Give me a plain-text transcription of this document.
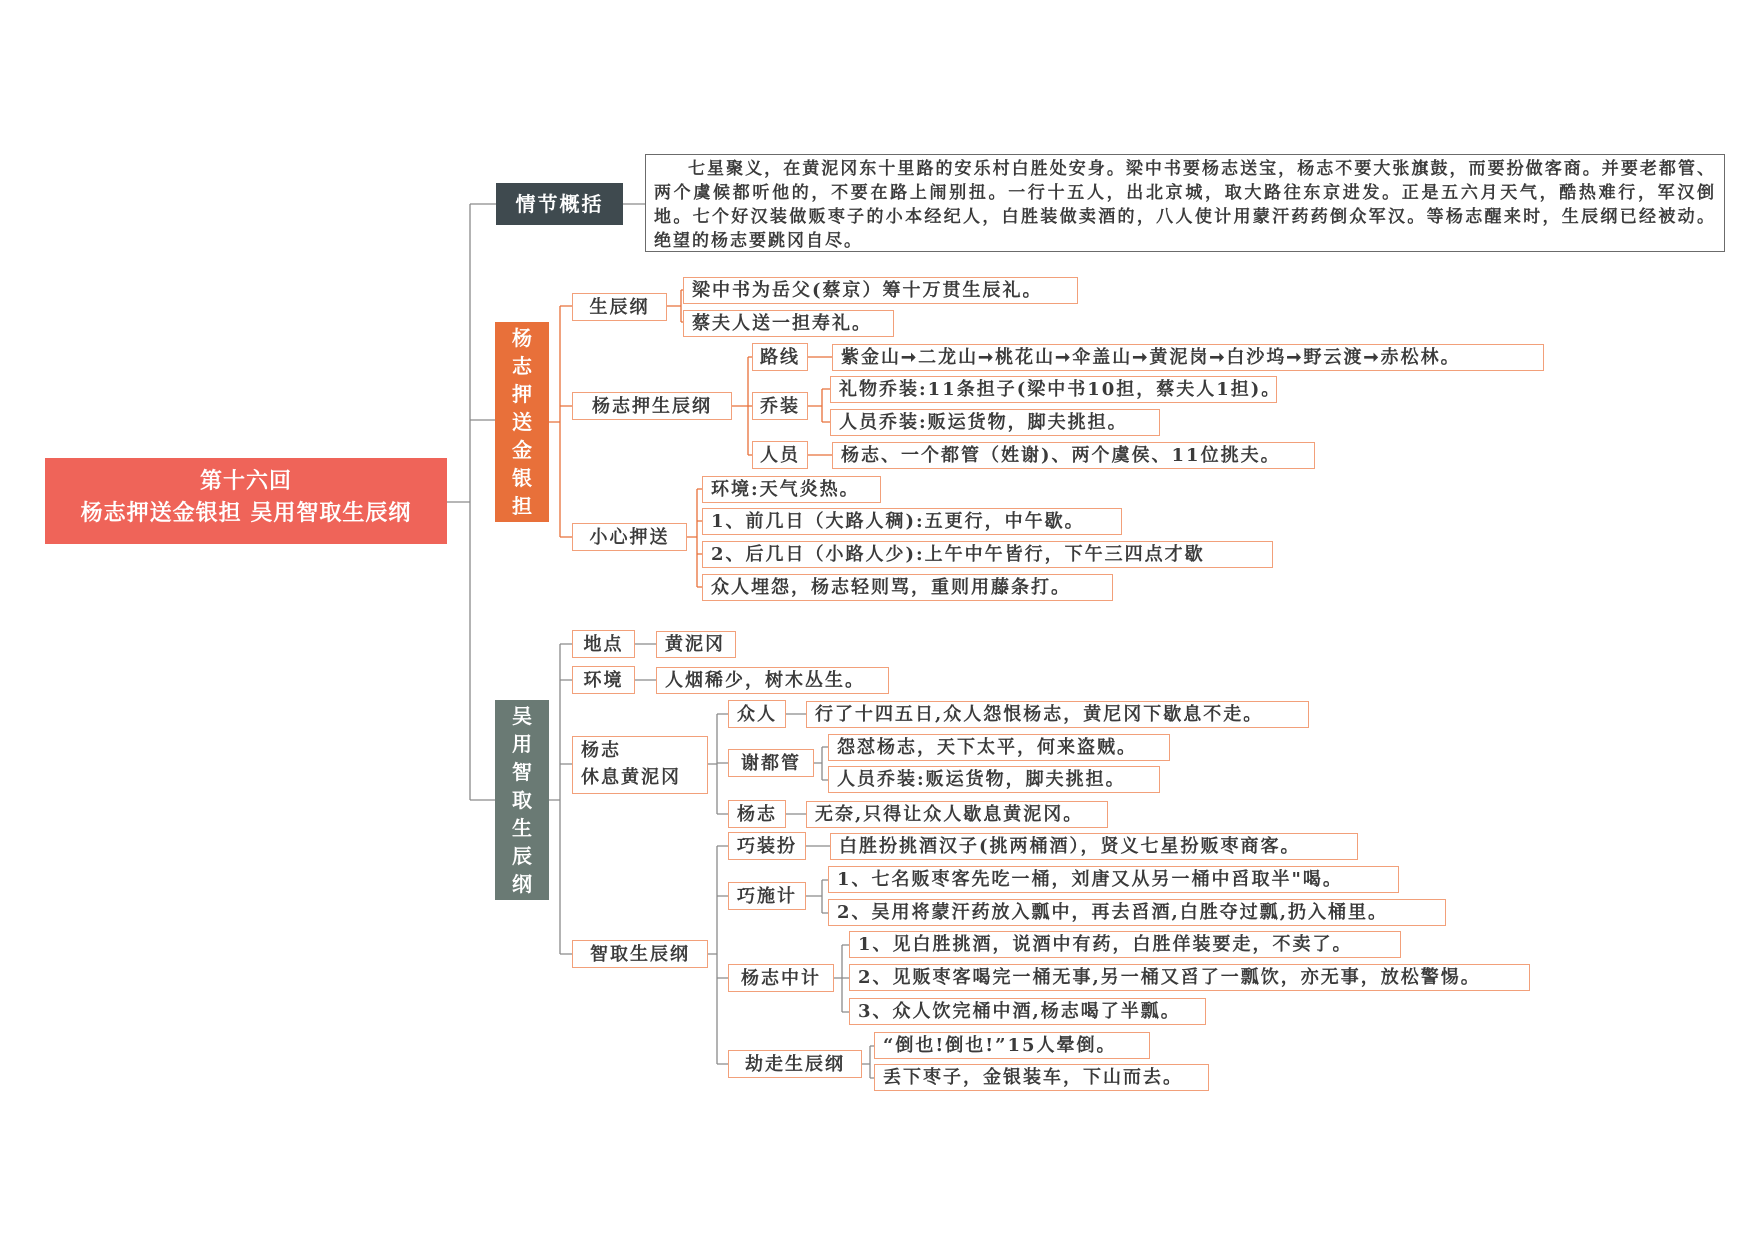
第十六回
杨志押送金银担 吴用智取生辰纲
情节概括
七星聚义，在黄泥冈东十里路的安乐村白胜处安身。梁中书要杨志送宝，杨志不要大张旗鼓，而要扮做客商。并要老都管、两个虞候都听他的，不要在路上闹别扭。一行十五人，出北京城，取大路往东京进发。正是五六月天气，酷热难行，军汉倒地。七个好汉装做贩枣子的小本经纪人，白胜装做卖酒的，八人使计用蒙汗药药倒众军汉。等杨志醒来时，生辰纲已经被动。绝望的杨志要跳冈自尽。
杨
志
押
送
金
银
担
生辰纲
梁中书为岳父(蔡京）筹十万贯生辰礼。
蔡夫人送一担寿礼。
杨志押生辰纲
路线	紫金山➞二龙山➞桃花山➞伞盖山➞黄泥岗➞白沙坞➞野云渡➞赤松林。
乔装
礼物乔装:11条担子(梁中书10担，蔡夫人1担)。
人员乔装:贩运货物，脚夫挑担。
人员	杨志、一个都管（姓谢)、两个虞侯、11位挑夫。
小心押送
环境:天气炎热。
1、前几日（大路人稠):五更行，中午歇。
2、后几日（小路人少):上午中午皆行，下午三四点才歇
众人埋怨，杨志轻则骂，重则用藤条打。
吴
用
智
取
生
辰
纲
地点	黄泥冈
环境	人烟稀少，树木丛生。
杨志
休息黄泥冈
众人	行了十四五日,众人怨恨杨志，黄尼冈下歇息不走。
谢都管
怨怼杨志，天下太平，何来盗贼。
人员乔装:贩运货物，脚夫挑担。
杨志	无奈,只得让众人歇息黄泥冈。
智取生辰纲
巧装扮	白胜扮挑酒汉子(挑两桶酒），贤义七星扮贩枣商客。
巧施计
1、七名贩枣客先吃一桶，刘唐又从另一桶中舀取半"喝。
2、吴用将蒙汗药放入瓢中，再去舀酒,白胜夺过瓢,扔入桶里。
杨志中计
1、见白胜挑酒，说酒中有药，白胜佯装要走，不卖了。
2、见贩枣客喝完一桶无事,另一桶又舀了一瓢饮，亦无事，放松警惕。
3、众人饮完桶中酒,杨志喝了半瓢。
劫走生辰纲
“倒也!倒也!”15人晕倒。
丢下枣子，金银装车，下山而去。
